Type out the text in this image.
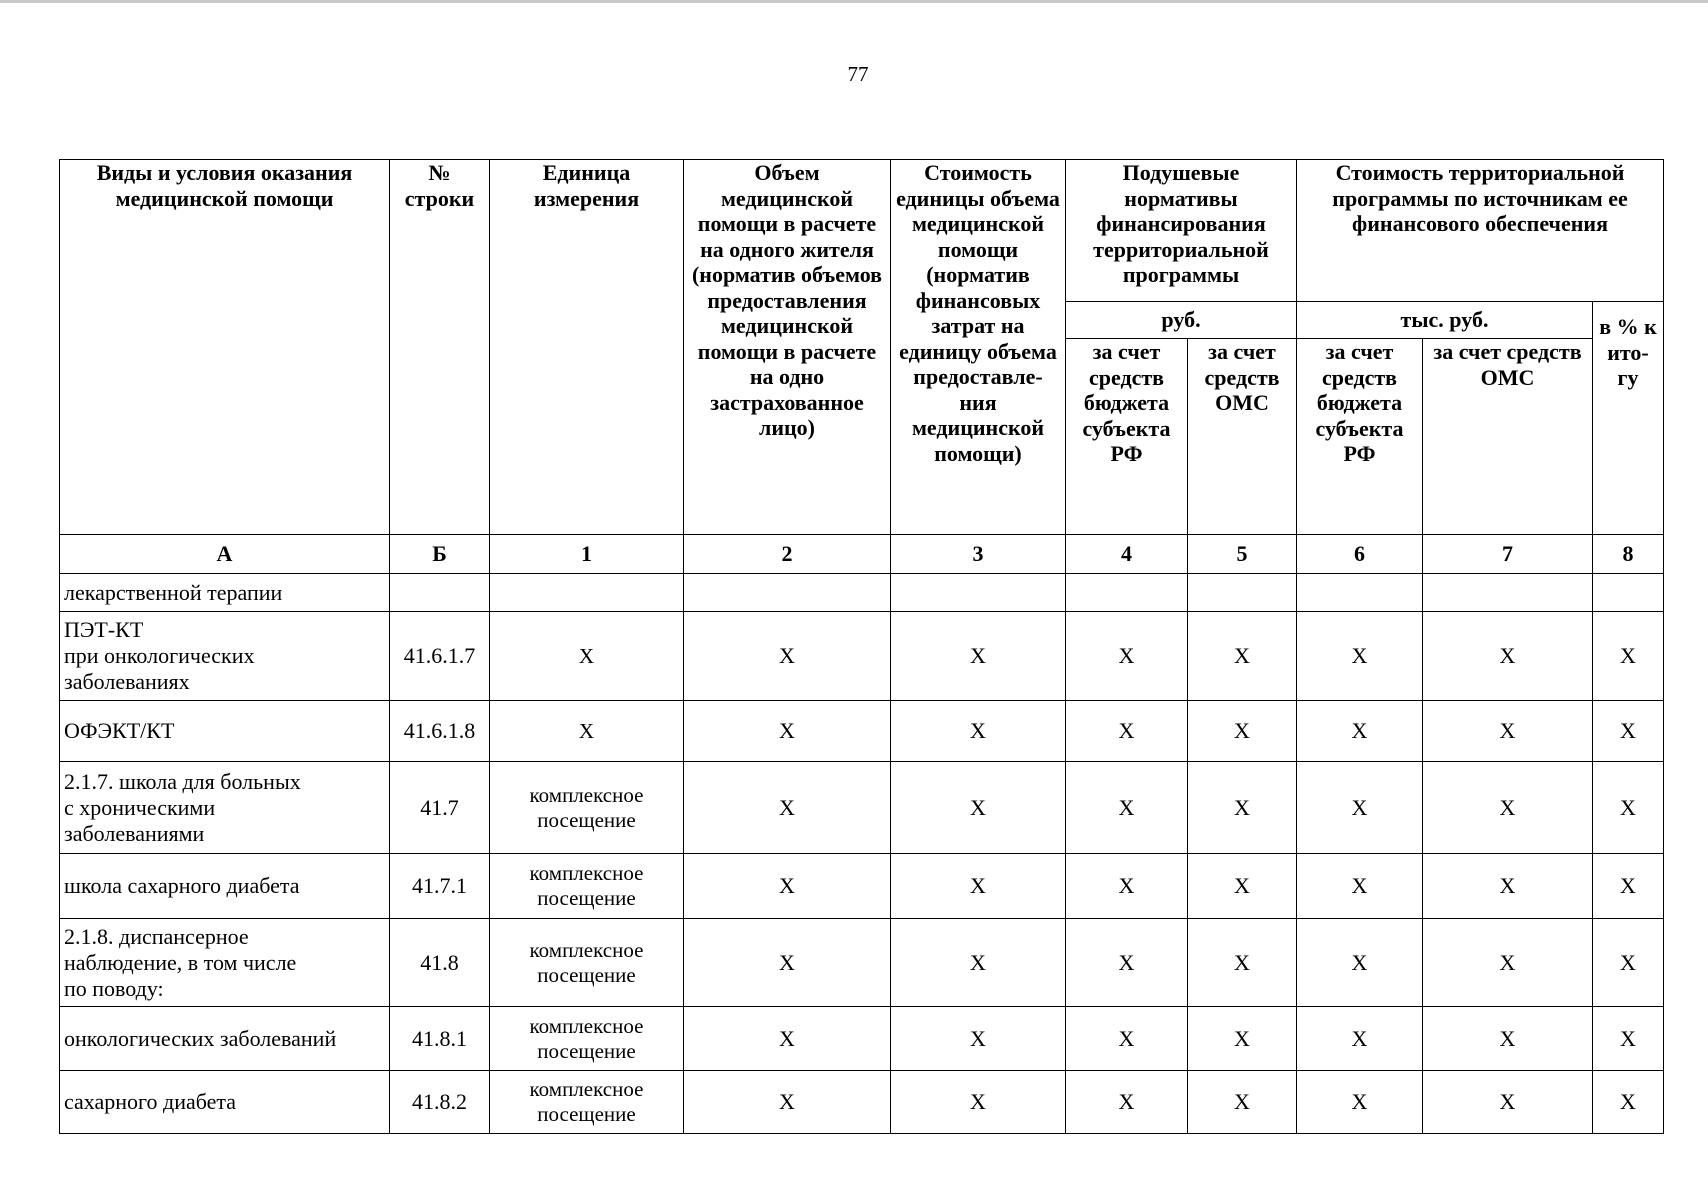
77
Виды и условия оказания медицинской помощи	№ строки	Единица измерения	Объем медицинской помощи в расчете на одного жителя (норматив объемов предоставления медицинской помощи в расчете на одно застрахованное лицо)	Стоимость единицы объема медицинской помощи (норматив финансовых затрат на единицу объема предоставле-ния медицинской помощи)	Подушевые нормативы финансирования территориальной программы		Стоимость территориальной программы по источникам ее финансового обеспечения		
					руб.		тыс. руб.		в % к ито-гу
					за счет средств бюджета субъекта РФ	за счет средств ОМС	за счет средств бюджета субъекта РФ	за счет средств ОМС	
А	Б	1	2	3	4	5	6	7	8
лекарственной терапии									
ПЭТ-КТ
при онкологических
заболеваниях	41.6.1.7	Х	Х	Х	Х	Х	Х	Х	Х
ОФЭКТ/КТ	41.6.1.8	Х	Х	Х	Х	Х	Х	Х	Х
2.1.7. школа для больных
с хроническими
заболеваниями	41.7	комплексное посещение	Х	Х	Х	Х	Х	Х	Х
школа сахарного диабета	41.7.1	комплексное посещение	Х	Х	Х	Х	Х	Х	Х
2.1.8. диспансерное
наблюдение, в том числе
по поводу:	41.8	комплексное посещение	Х	Х	Х	Х	Х	Х	Х
онкологических заболеваний	41.8.1	комплексное посещение	Х	Х	Х	Х	Х	Х	Х
сахарного диабета	41.8.2	комплексное посещение	Х	Х	Х	Х	Х	Х	Х
